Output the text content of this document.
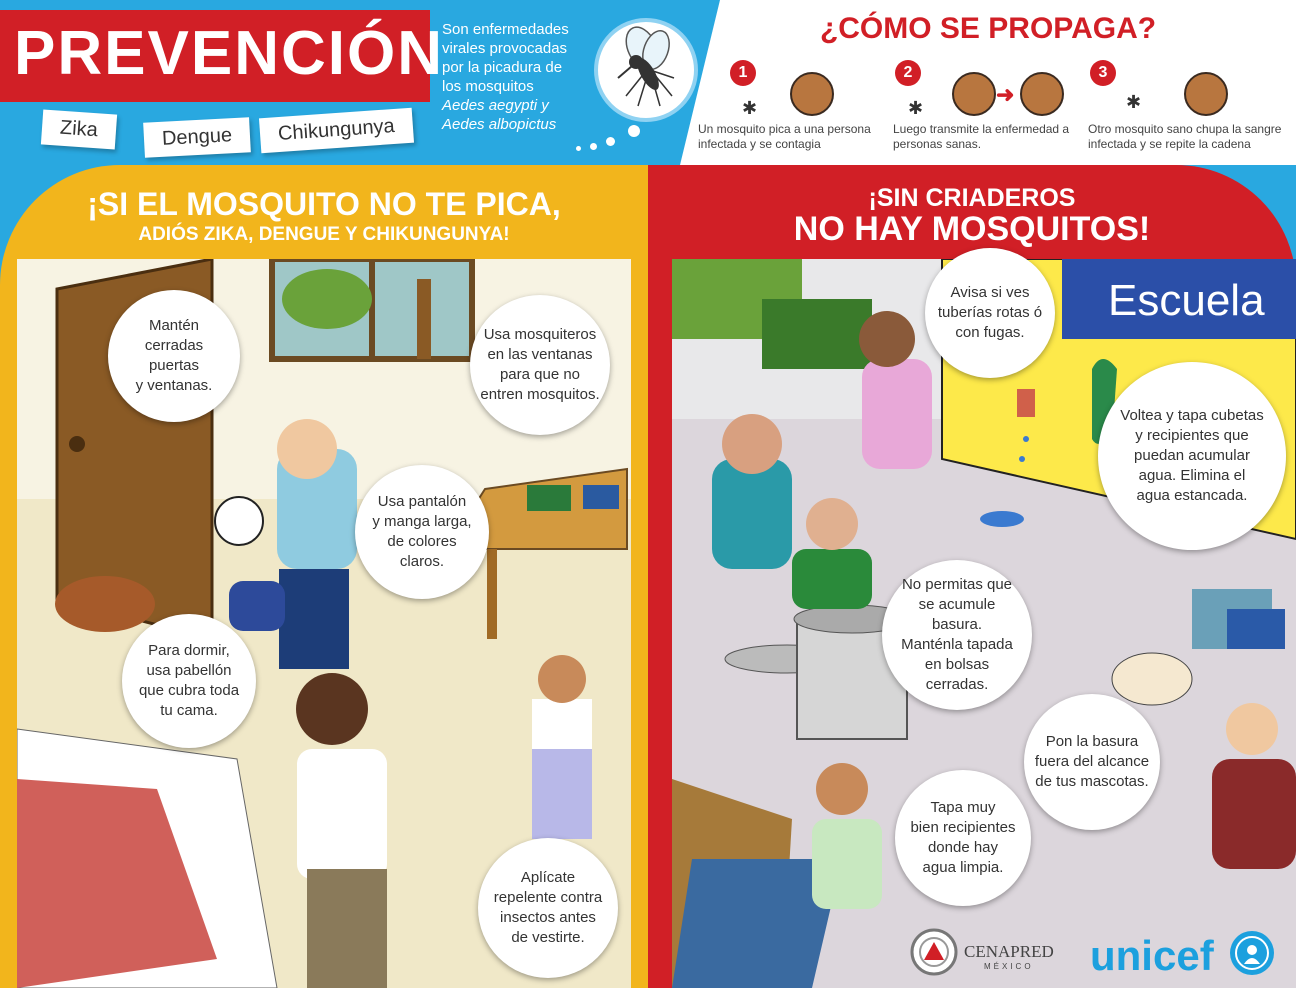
PREVENCIÓN
Zika	Dengue	Chikungunya
Son enfermedades
virales provocadas
por la picadura de
los mosquitos
Aedes aegypti y
Aedes albopictus
¿CÓMO SE PROPAGA?
1
✱
Un mosquito pica a una persona infectada y se contagia
2
➜
✱
Luego transmite la enfermedad a personas sanas.
3
✱
Otro mosquito sano chupa la sangre infectada y se repite la cadena
¡SI EL MOSQUITO NO TE PICA,
ADIÓS ZIKA, DENGUE Y CHIKUNGUNYA!
Mantén
cerradas puertas
y ventanas.
Usa mosquiteros
en las ventanas
para que no
entren mosquitos.
Usa pantalón
y manga larga,
de colores
claros.
Para dormir,
usa pabellón
que cubra toda
tu cama.
Aplícate
repelente contra
insectos antes
de vestirte.
¡SIN CRIADEROS
NO HAY MOSQUITOS!
Escuela
Avisa si ves
tuberías rotas ó
con fugas.
Voltea y tapa cubetas
y recipientes que
puedan acumular
agua. Elimina el
agua estancada.
No permitas que
se acumule basura.
Manténla tapada
en bolsas cerradas.
Pon la basura
fuera del alcance
de tus mascotas.
Tapa muy
bien recipientes
donde hay
agua limpia.
CENAPRED
MÉXICO unicef
